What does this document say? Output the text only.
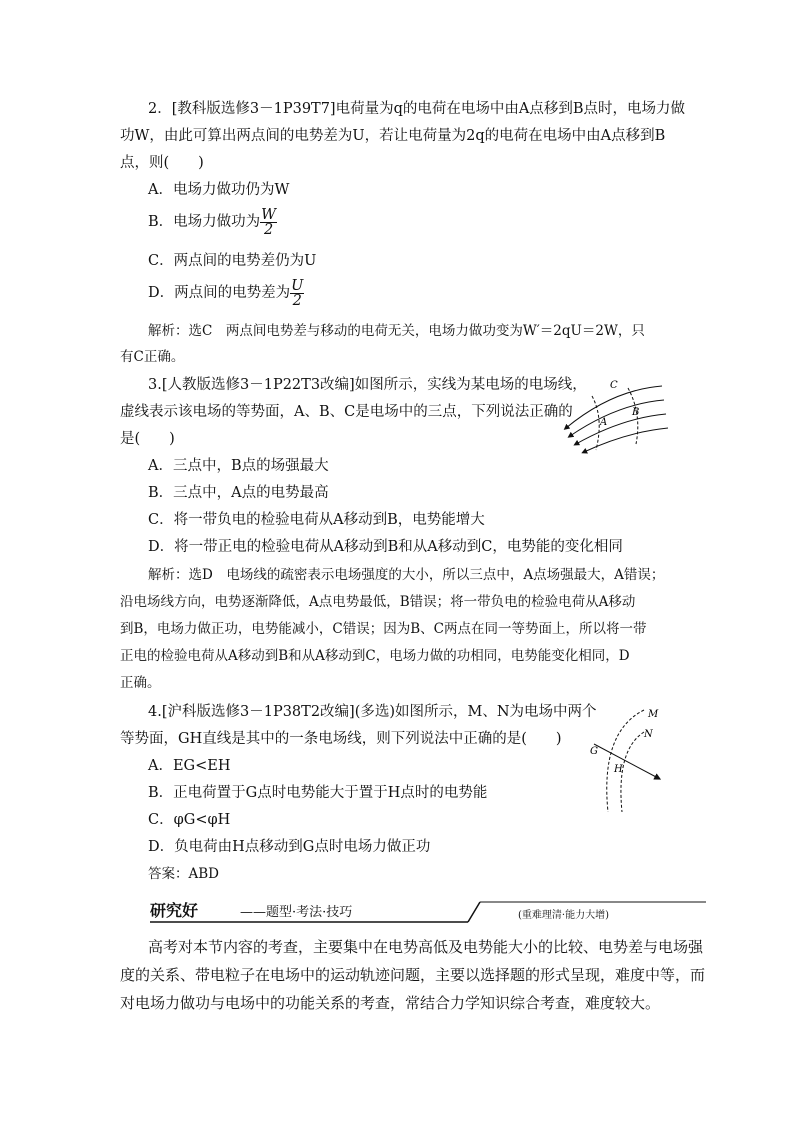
2．[教科版选修3－1P39T7]电荷量为q的电荷在电场中由A点移到B点时，电场力做
功W，由此可算出两点间的电势差为U，若让电荷量为2q的电荷在电场中由A点移到B
点，则(　　)
A．电场力做功仍为W
B．电场力做功为 $\frac{W}{2}$
C．两点间的电势差仍为U
D．两点间的电势差为 $\frac{U}{2}$
解析：选C　两点间电势差与移动的电荷无关，电场力做功变为W′＝2qU＝2W，只
有C正确。
3.[人教版选修3－1P22T3改编]如图所示，实线为某电场的电场线，
虚线表示该电场的等势面，A、B、C是电场中的三点，下列说法正确的
是(　　)
A．三点中，B点的场强最大
B．三点中，A点的电势最高
C．将一带负电的检验电荷从A移动到B，电势能增大
D．将一带正电的检验电荷从A移动到B和从A移动到C，电势能的变化相同
解析：选D　电场线的疏密表示电场强度的大小，所以三点中，A点场强最大，A错误；
沿电场线方向，电势逐渐降低，A点电势最低，B错误；将一带负电的检验电荷从A移动
到B，电场力做正功，电势能减小，C错误；因为B、C两点在同一等势面上，所以将一带
正电的检验电荷从A移动到B和从A移动到C，电场力做的功相同，电势能变化相同，D
正确。
C
B
A
4.[沪科版选修3－1P38T2改编](多选)如图所示，M、N为电场中两个
等势面，GH直线是其中的一条电场线，则下列说法中正确的是(　　)
A．EG<EH
B．正电荷置于G点时电势能大于置于H点时的电势能
C．φG<φH
D．负电荷由H点移动到G点时电场力做正功
答案：ABD
M
N
G
H
研究好	——题型·考法·技巧	(重难理清·能力大增)
高考对本节内容的考查，主要集中在电势高低及电势能大小的比较、电势差与电场强
度的关系、带电粒子在电场中的运动轨迹问题，主要以选择题的形式呈现，难度中等，而
对电场力做功与电场中的功能关系的考查，常结合力学知识综合考查，难度较大。
